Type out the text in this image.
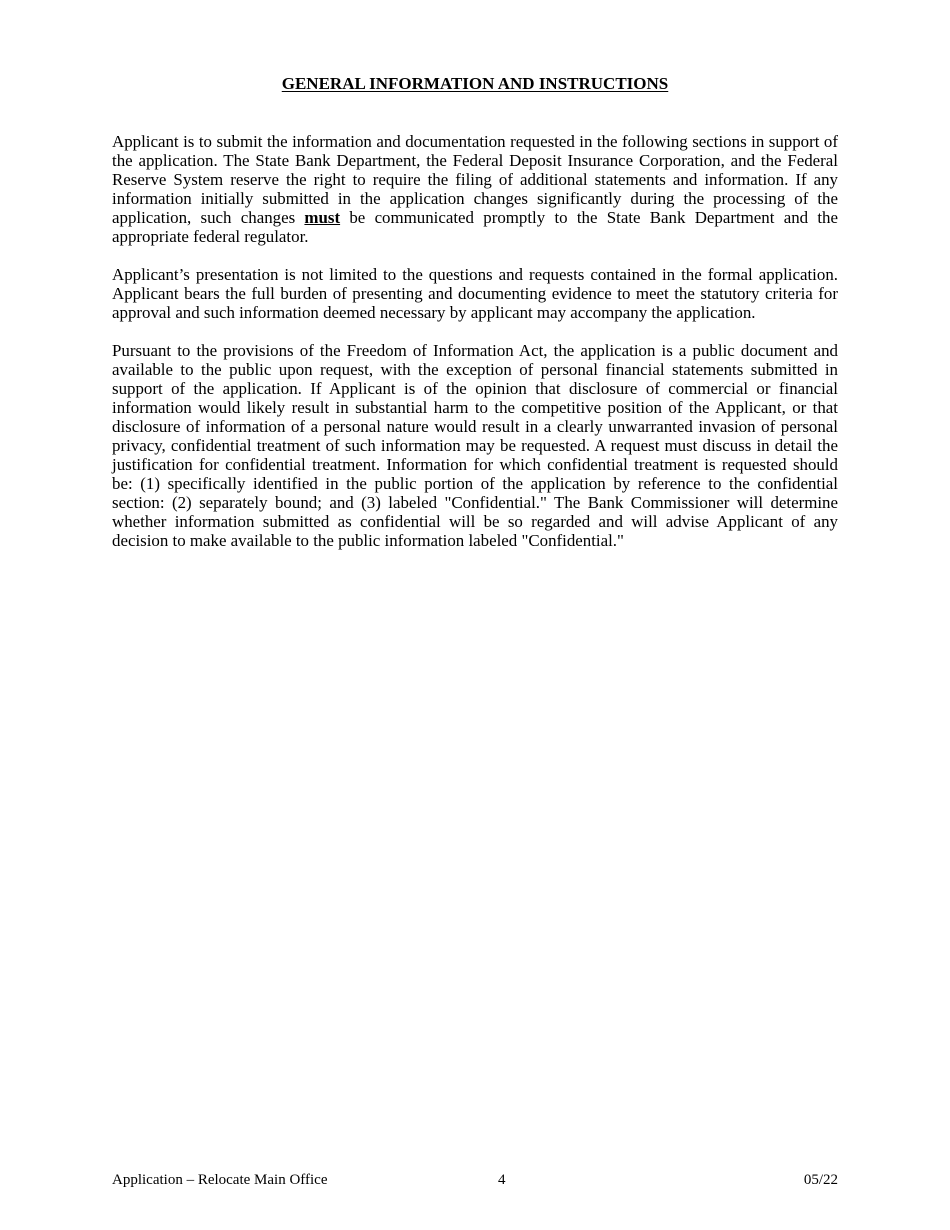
GENERAL INFORMATION AND INSTRUCTIONS

Applicant is to submit the information and documentation requested in the following sections in support of the application. The State Bank Department, the Federal Deposit Insurance Corporation, and the Federal Reserve System reserve the right to require the filing of additional statements and information. If any information initially submitted in the application changes significantly during the processing of the application, such changes must be communicated promptly to the State Bank Department and the appropriate federal regulator.

Applicant’s presentation is not limited to the questions and requests contained in the formal application. Applicant bears the full burden of presenting and documenting evidence to meet the statutory criteria for approval and such information deemed necessary by applicant may accompany the application.

Pursuant to the provisions of the Freedom of Information Act, the application is a public document and available to the public upon request, with the exception of personal financial statements submitted in support of the application. If Applicant is of the opinion that disclosure of commercial or financial information would likely result in substantial harm to the competitive position of the Applicant, or that disclosure of information of a personal nature would result in a clearly unwarranted invasion of personal privacy, confidential treatment of such information may be requested. A request must discuss in detail the justification for confidential treatment. Information for which confidential treatment is requested should be: (1) specifically identified in the public portion of the application by reference to the confidential section: (2) separately bound; and (3) labeled "Confidential." The Bank Commissioner will determine whether information submitted as confidential will be so regarded and will advise Applicant of any decision to make available to the public information labeled "Confidential."

Application – Relocate Main Office	4	05/22
